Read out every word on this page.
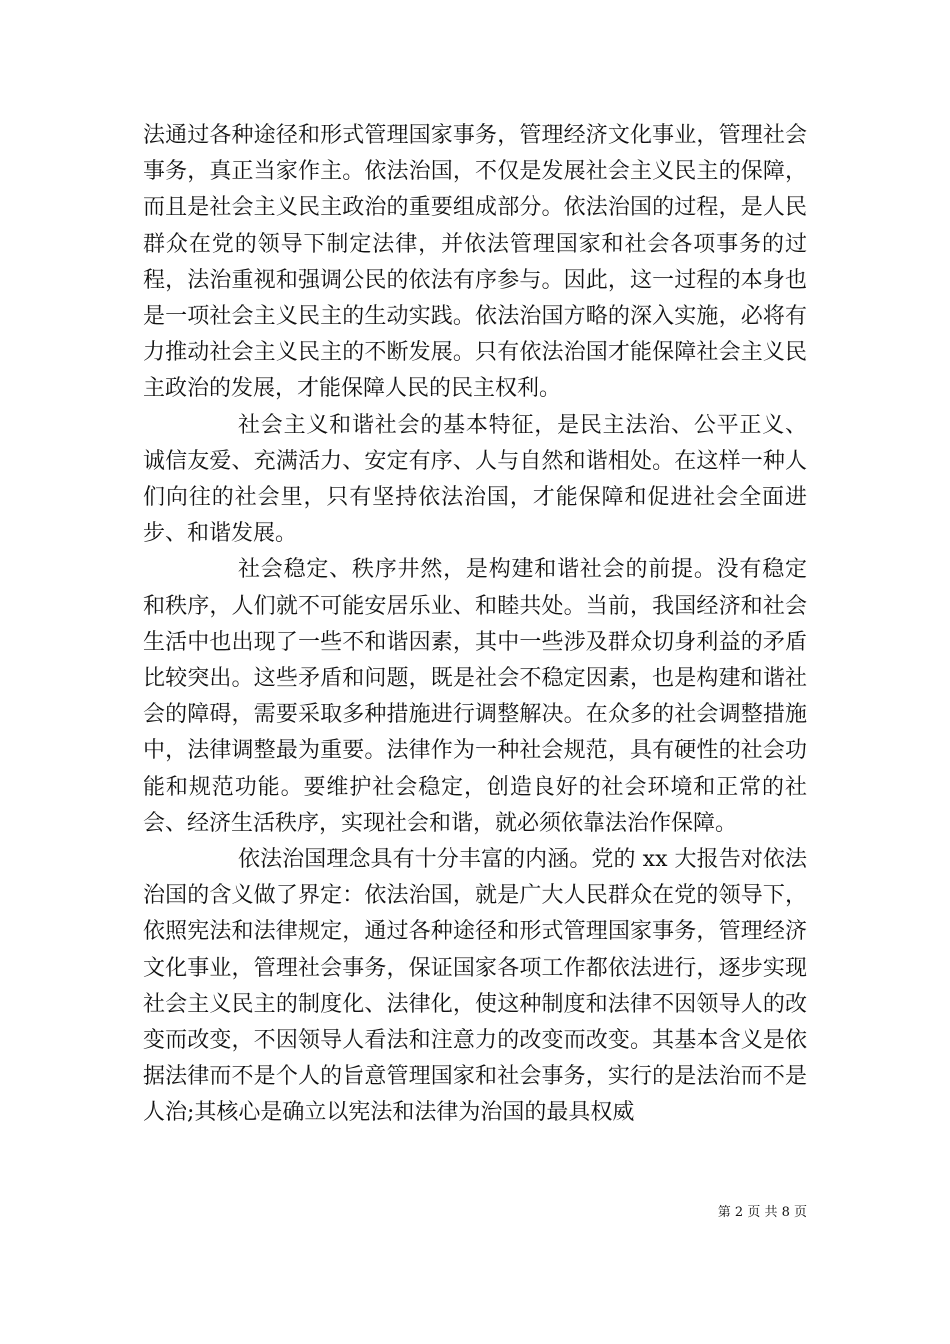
法通过各种途径和形式管理国家事务，管理经济文化事业，管理社会事务，真正当家作主。依法治国，不仅是发展社会主义民主的保障，而且是社会主义民主政治的重要组成部分。依法治国的过程，是人民群众在党的领导下制定法律，并依法管理国家和社会各项事务的过程，法治重视和强调公民的依法有序参与。因此，这一过程的本身也是一项社会主义民主的生动实践。依法治国方略的深入实施，必将有力推动社会主义民主的不断发展。只有依法治国才能保障社会主义民主政治的发展，才能保障人民的民主权利。

社会主义和谐社会的基本特征，是民主法治、公平正义、诚信友爱、充满活力、安定有序、人与自然和谐相处。在这样一种人们向往的社会里，只有坚持依法治国，才能保障和促进社会全面进步、和谐发展。

社会稳定、秩序井然，是构建和谐社会的前提。没有稳定和秩序，人们就不可能安居乐业、和睦共处。当前，我国经济和社会生活中也出现了一些不和谐因素，其中一些涉及群众切身利益的矛盾比较突出。这些矛盾和问题，既是社会不稳定因素，也是构建和谐社会的障碍，需要采取多种措施进行调整解决。在众多的社会调整措施中，法律调整最为重要。法律作为一种社会规范，具有硬性的社会功能和规范功能。要维护社会稳定，创造良好的社会环境和正常的社会、经济生活秩序，实现社会和谐，就必须依靠法治作保障。

依法治国理念具有十分丰富的内涵。党的 xx 大报告对依法治国的含义做了界定：依法治国，就是广大人民群众在党的领导下，依照宪法和法律规定，通过各种途径和形式管理国家事务，管理经济文化事业，管理社会事务，保证国家各项工作都依法进行，逐步实现社会主义民主的制度化、法律化，使这种制度和法律不因领导人的改变而改变，不因领导人看法和注意力的改变而改变。其基本含义是依据法律而不是个人的旨意管理国家和社会事务，实行的是法治而不是人治;其核心是确立以宪法和法律为治国的最具权威

第 2 页 共 8 页
